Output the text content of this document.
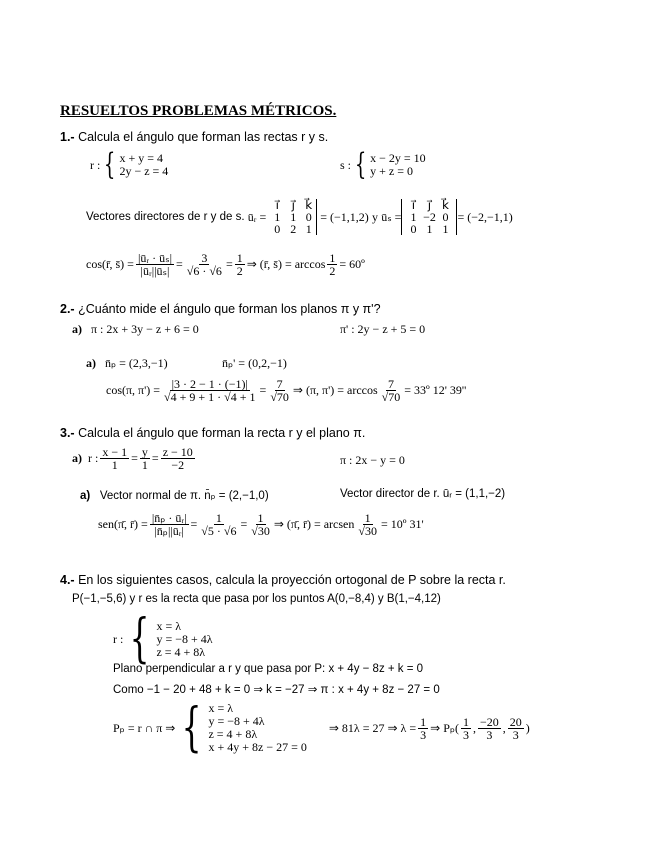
RESUELTOS PROBLEMAS MÉTRICOS.
1.- Calcula el ángulo que forman las rectas r y s.
r : { x + y = 4
2y − z = 4	s : { x − 2y = 10
y + z = 0
Vectores directores de r y de s.
ūᵣ =
i⃗	j⃗ k⃗
1 1 0
0 2 1
= (−1,1,2)
y
ūₛ =
i⃗	j⃗ k⃗
1 −2 0
0 1 1
= (−2,−1,1)
cos(r̄, s̄) = $\frac{\text{|ūᵣ · ūₛ|}}{\text{|ūᵣ||ūₛ|}} = \frac{3}{√6 \cdot √6} = \frac{1}{2}$ ⇒ (r̄, s̄) = $\arccos \frac{1}{2}$ = 60º
2.- ¿Cuánto mide el ángulo que forman los planos π y π'?
a) π : 2x + 3y − z + 6 = 0	π' : 2y − z + 5 = 0
a) n̄ₚ = (2,3,−1)	n̄ₚ' = (0,2,−1)
cos(π, $\pi') = \frac{|3 \cdot 2 - 1 \cdot (-1)|}{√4 + 9 + 1 \cdot √4 + 1} = \frac{7}{√70}$ ⇒ (π, $\pi') = \arccos \frac{7}{√70}$ = 33º 12' 39''
3.- Calcula el ángulo que forman la recta r y el plano π.
a)
r : $\frac{x - 1}{1} = \frac{y}{1} = \frac{z - 10}{-2}$	π : 2x − y = 0
a) Vector normal de π. n̄ₚ = (2,−1,0)	Vector director de r. ūᵣ = (1,1,−2)
sen(π̄, r̄) = $\frac{\text{|n̄ₚ · ūᵣ|}}{\text{|n̄ₚ||ūᵣ|}} = \frac{1}{√5 \cdot √6} = \frac{1}{√30}$ ⇒ (π̄, r̄) = arcsen $\frac{1}{√30}$ = 10º 31'
4.- En los siguientes casos, calcula la proyección ortogonal de P sobre la recta r.
P(−1,−5,6) y r es la recta que pasa por los puntos A(0,−8,4) y B(1,−4,12)
r : { x = λ
y = −8 + 4λ
z = 4 + 8λ
Plano perpendicular a r y que pasa por P: x + 4y − 8z + k = 0
Como −1 − 20 + 48 + k = 0 ⇒ k = −27 ⇒ π : x + 4y + 8z − 27 = 0
Pₚ = r ∩ π ⇒ { x = λ
y = −8 + 4λ
z = 4 + 8λ
x + 4y + 8z − 27 = 0
⇒ 81λ = 27 ⇒ $\lambda = \frac{1}{3}$ ⇒ $P_p( \frac{1}{3}$ , $\frac{-20}{3}$ , $\frac{20}{3}$ )
